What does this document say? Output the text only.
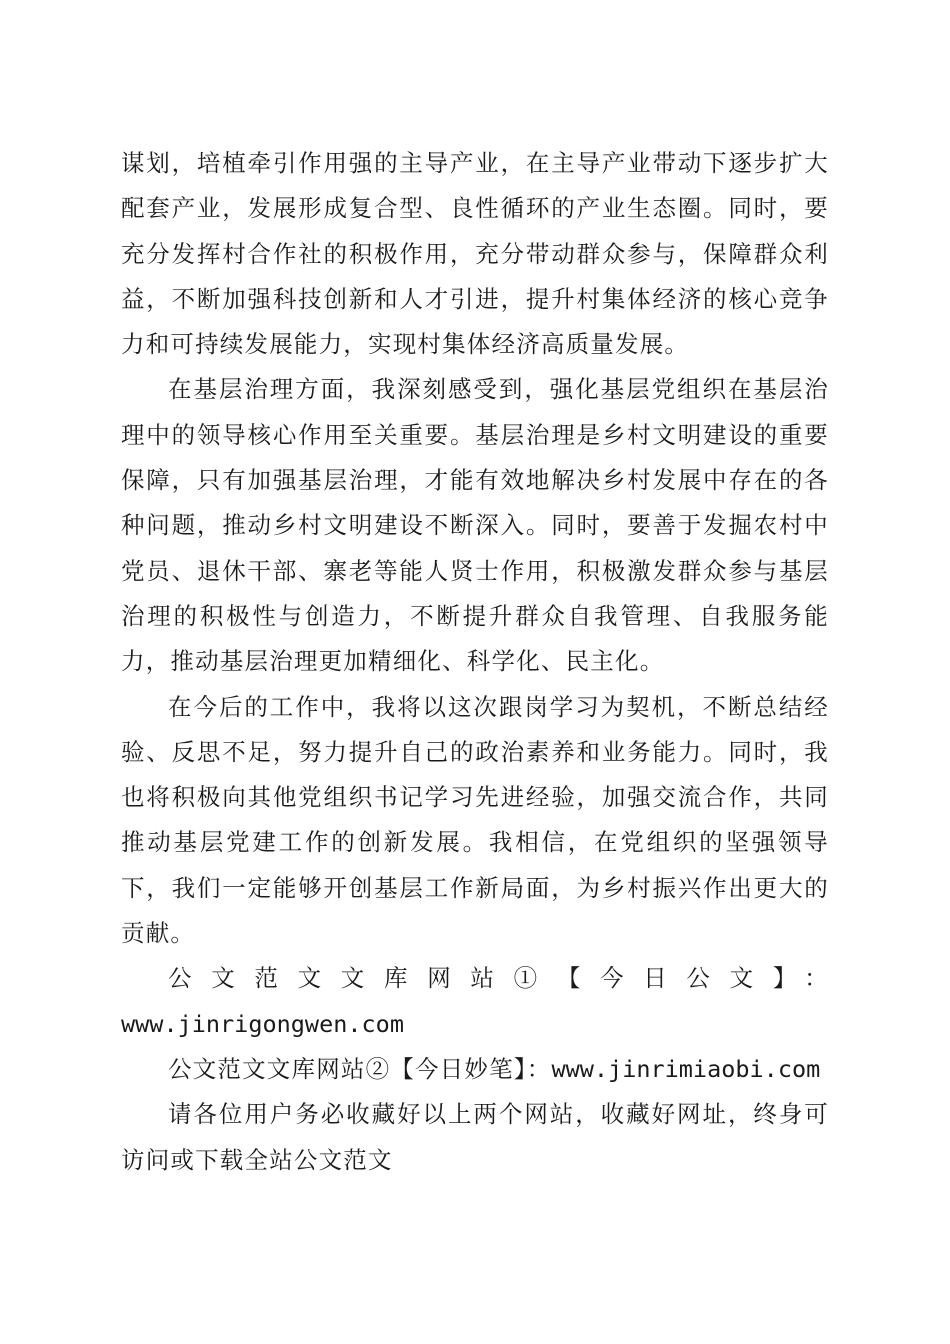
谋划，培植牵引作用强的主导产业，在主导产业带动下逐步扩大配套产业，发展形成复合型、良性循环的产业生态圈。同时，要充分发挥村合作社的积极作用，充分带动群众参与，保障群众利益，不断加强科技创新和人才引进，提升村集体经济的核心竞争力和可持续发展能力，实现村集体经济高质量发展。

在基层治理方面，我深刻感受到，强化基层党组织在基层治理中的领导核心作用至关重要。基层治理是乡村文明建设的重要保障，只有加强基层治理，才能有效地解决乡村发展中存在的各种问题，推动乡村文明建设不断深入。同时，要善于发掘农村中党员、退休干部、寨老等能人贤士作用，积极激发群众参与基层治理的积极性与创造力，不断提升群众自我管理、自我服务能力，推动基层治理更加精细化、科学化、民主化。

在今后的工作中，我将以这次跟岗学习为契机，不断总结经验、反思不足，努力提升自己的政治素养和业务能力。同时，我也将积极向其他党组织书记学习先进经验，加强交流合作，共同推动基层党建工作的创新发展。我相信，在党组织的坚强领导下，我们一定能够开创基层工作新局面，为乡村振兴作出更大的贡献。

公文范文文库网站①【今日公文】：

www.jinrigongwen.com

公文范文文库网站②【今日妙笔】：www.jinrimiaobi.com

请各位用户务必收藏好以上两个网站，收藏好网址，终身可访问或下载全站公文范文
